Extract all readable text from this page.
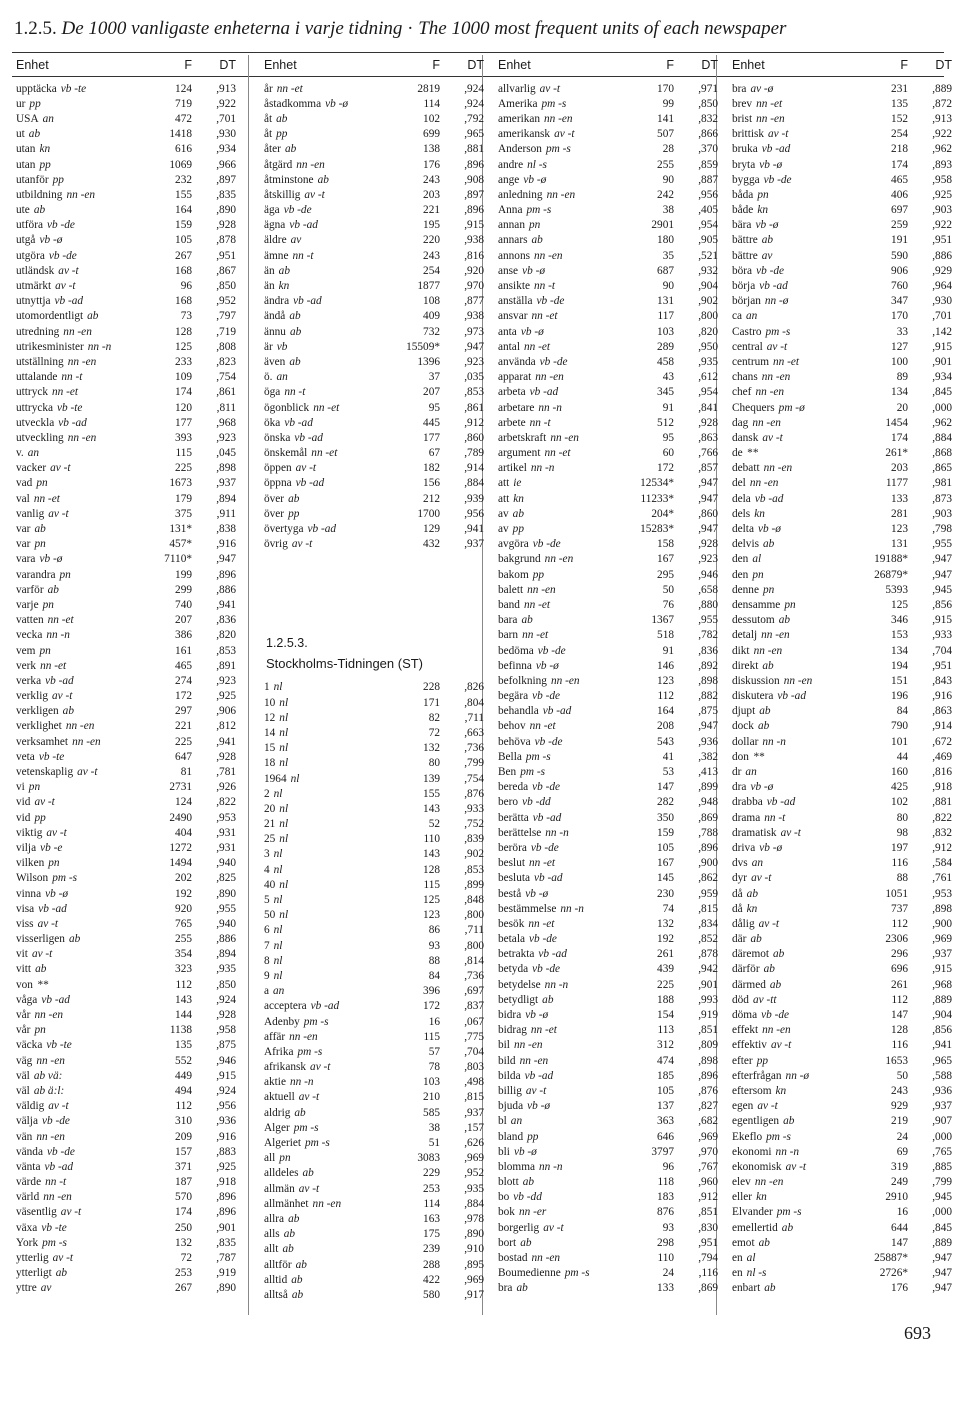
1.2.5. De 1000 vanligaste enheterna i varje tidning · The 1000 most frequent units of each newspaper
Enhet	F	DT
upptäcka vb -te	124	,913
ur pp	719	,922
USA an	472	,701
ut ab	1418	,930
utan kn	616	,934
utan pp	1069	,966
utanför pp	232	,897
utbildning nn -en	155	,835
ute ab	164	,890
utföra vb -de	159	,928
utgå vb -ø	105	,878
utgöra vb -de	267	,951
utländsk av -t	168	,867
utmärkt av -t	96	,850
utnyttja vb -ad	168	,952
utomordentligt ab	73	,797
utredning nn -en	128	,719
utrikesminister nn -n	125	,808
utställning nn -en	233	,823
uttalande nn -t	109	,754
uttryck nn -et	174	,861
uttrycka vb -te	120	,811
utveckla vb -ad	177	,968
utveckling nn -en	393	,923
v. an	115	,045
vacker av -t	225	,898
vad pn	1673	,937
val nn -et	179	,894
vanlig av -t	375	,911
var ab	131*	,838
var pn	457*	,916
vara vb -ø	7110*	,947
varandra pn	199	,896
varför ab	299	,886
varje pn	740	,941
vatten nn -et	207	,836
vecka nn -n	386	,820
vem pn	161	,853
verk nn -et	465	,891
verka vb -ad	274	,923
verklig av -t	172	,925
verkligen ab	297	,906
verklighet nn -en	221	,812
verksamhet nn -en	225	,941
veta vb -te	647	,928
vetenskaplig av -t	81	,781
vi pn	2731	,926
vid av -t	124	,822
vid pp	2490	,953
viktig av -t	404	,931
vilja vb -e	1272	,931
vilken pn	1494	,940
Wilson pm -s	202	,825
vinna vb -ø	192	,890
visa vb -ad	920	,955
viss av -t	765	,940
visserligen ab	255	,886
vit av -t	354	,894
vitt ab	323	,935
von **	112	,850
våga vb -ad	143	,924
vår nn -en	144	,928
vår pn	1138	,958
väcka vb -te	135	,875
väg nn -en	552	,946
väl ab vä:	449	,915
väl ab ä:l:	494	,924
väldig av -t	112	,956
välja vb -de	310	,936
vän nn -en	209	,916
vända vb -de	157	,883
vänta vb -ad	371	,925
värde nn -t	187	,918
värld nn -en	570	,896
väsentlig av -t	174	,896
växa vb -te	250	,901
York pm -s	132	,835
ytterlig av -t	72	,787
ytterligt ab	253	,919
yttre av	267	,890
Enhet	F	DT
år nn -et	2819	,924
åstadkomma vb -ø	114	,924
åt ab	102	,792
åt pp	699	,965
åter ab	138	,881
åtgärd nn -en	176	,896
åtminstone ab	243	,908
åtskillig av -t	203	,897
äga vb -de	221	,896
ägna vb -ad	195	,915
äldre av	220	,938
ämne nn -t	243	,816
än ab	254	,920
än kn	1877	,970
ändra vb -ad	108	,877
ändå ab	409	,938
ännu ab	732	,973
är vb	15509*	,947
även ab	1396	,923
ö. an	37	,035
öga nn -t	207	,853
ögonblick nn -et	95	,861
öka vb -ad	445	,912
önska vb -ad	177	,860
önskemål nn -et	67	,789
öppen av -t	182	,914
öppna vb -ad	156	,884
över ab	212	,939
över pp	1700	,956
övertyga vb -ad	129	,941
övrig av -t	432	,937
1 nl	228	,826
10 nl	171	,804
12 nl	82	,711
14 nl	72	,663
15 nl	132	,736
18 nl	80	,799
1964 nl	139	,754
2 nl	155	,876
20 nl	143	,933
21 nl	52	,752
25 nl	110	,839
3 nl	143	,902
4 nl	128	,853
40 nl	115	,899
5 nl	125	,848
50 nl	123	,800
6 nl	86	,711
7 nl	93	,800
8 nl	88	,814
9 nl	84	,736
a an	396	,697
acceptera vb -ad	172	,837
Adenby pm -s	16	,067
affär nn -en	115	,775
Afrika pm -s	57	,704
afrikansk av -t	78	,803
aktie nn -n	103	,498
aktuell av -t	210	,815
aldrig ab	585	,937
Alger pm -s	38	,157
Algeriet pm -s	51	,626
all pn	3083	,969
alldeles ab	229	,952
allmän av -t	253	,935
allmänhet nn -en	114	,884
allra ab	163	,978
alls ab	175	,890
allt ab	239	,910
alltför ab	288	,895
alltid ab	422	,969
alltså ab	580	,917
Enhet	F	DT
allvarlig av -t	170	,971
Amerika pm -s	99	,850
amerikan nn -en	141	,832
amerikansk av -t	507	,866
Anderson pm -s	28	,370
andre nl -s	255	,859
ange vb -ø	90	,887
anledning nn -en	242	,956
Anna pm -s	38	,405
annan pn	2901	,954
annars ab	180	,905
annons nn -en	35	,521
anse vb -ø	687	,932
ansikte nn -t	90	,904
anställa vb -de	131	,902
ansvar nn -et	117	,800
anta vb -ø	103	,820
antal nn -et	289	,950
använda vb -de	458	,935
apparat nn -en	43	,612
arbeta vb -ad	345	,954
arbetare nn -n	91	,841
arbete nn -t	512	,928
arbetskraft nn -en	95	,863
argument nn -et	60	,766
artikel nn -n	172	,857
att ie	12534*	,947
att kn	11233*	,947
av ab	204*	,860
av pp	15283*	,947
avgöra vb -de	158	,928
bakgrund nn -en	167	,923
bakom pp	295	,946
balett nn -en	50	,658
band nn -et	76	,880
bara ab	1367	,955
barn nn -et	518	,782
bedöma vb -de	91	,836
befinna vb -ø	146	,892
befolkning nn -en	123	,898
begära vb -de	112	,882
behandla vb -ad	164	,875
behov nn -et	208	,947
behöva vb -de	543	,936
Bella pm -s	41	,382
Ben pm -s	53	,413
bereda vb -de	147	,899
bero vb -dd	282	,948
berätta vb -ad	350	,869
berättelse nn -n	159	,788
beröra vb -de	105	,896
beslut nn -et	167	,900
besluta vb -ad	145	,862
bestå vb -ø	230	,959
bestämmelse nn -n	74	,815
besök nn -et	132	,834
betala vb -de	192	,852
betrakta vb -ad	261	,878
betyda vb -de	439	,942
betydelse nn -n	225	,901
betydligt ab	188	,993
bidra vb -ø	154	,919
bidrag nn -et	113	,851
bil nn -en	312	,809
bild nn -en	474	,898
bilda vb -ad	185	,896
billig av -t	105	,876
bjuda vb -ø	137	,827
bl an	363	,682
bland pp	646	,969
bli vb -ø	3797	,970
blomma nn -n	96	,767
blott ab	118	,960
bo vb -dd	183	,912
bok nn -er	876	,851
borgerlig av -t	93	,830
bort ab	298	,951
bostad nn -en	110	,794
Boumedienne pm -s	24	,116
bra ab	133	,869
Enhet	F	DT
bra av -ø	231	,889
brev nn -et	135	,872
brist nn -en	152	,913
brittisk av -t	254	,922
bruka vb -ad	218	,962
bryta vb -ø	174	,893
bygga vb -de	465	,958
båda pn	406	,925
både kn	697	,903
bära vb -ø	259	,922
bättre ab	191	,951
bättre av	590	,886
böra vb -de	906	,929
börja vb -ad	760	,964
början nn -ø	347	,930
ca an	170	,701
Castro pm -s	33	,142
central av -t	127	,915
centrum nn -et	100	,901
chans nn -en	89	,934
chef nn -en	134	,845
Chequers pm -ø	20	,000
dag nn -en	1454	,962
dansk av -t	174	,884
de **	261*	,868
debatt nn -en	203	,865
del nn -en	1177	,981
dela vb -ad	133	,873
dels kn	281	,903
delta vb -ø	123	,798
delvis ab	131	,955
den al	19188*	,947
den pn	26879*	,947
denne pn	5393	,945
densamme pn	125	,856
dessutom ab	346	,915
detalj nn -en	153	,933
dikt nn -en	134	,704
direkt ab	194	,951
diskussion nn -en	151	,843
diskutera vb -ad	196	,916
djupt ab	84	,863
dock ab	790	,914
dollar nn -n	101	,672
don **	44	,469
dr an	160	,816
dra vb -ø	425	,918
drabba vb -ad	102	,881
drama nn -t	80	,822
dramatisk av -t	98	,832
driva vb -ø	197	,912
dvs an	116	,584
dyr av -t	88	,761
då ab	1051	,953
då kn	737	,898
dålig av -t	112	,900
där ab	2306	,969
däremot ab	296	,937
därför ab	696	,915
därmed ab	261	,968
död av -tt	112	,889
döma vb -de	147	,904
effekt nn -en	128	,856
effektiv av -t	116	,941
efter pp	1653	,965
efterfrågan nn -ø	50	,588
eftersom kn	243	,936
egen av -t	929	,937
egentligen ab	219	,907
Ekeflo pm -s	24	,000
ekonomi nn -n	69	,765
ekonomisk av -t	319	,885
elev nn -en	249	,799
eller kn	2910	,945
Elvander pm -s	16	,000
emellertid ab	644	,845
emot ab	147	,889
en al	25887*	,947
en nl -s	2726*	,947
enbart ab	176	,947
1.2.5.3.
Stockholms-Tidningen (ST)
693
